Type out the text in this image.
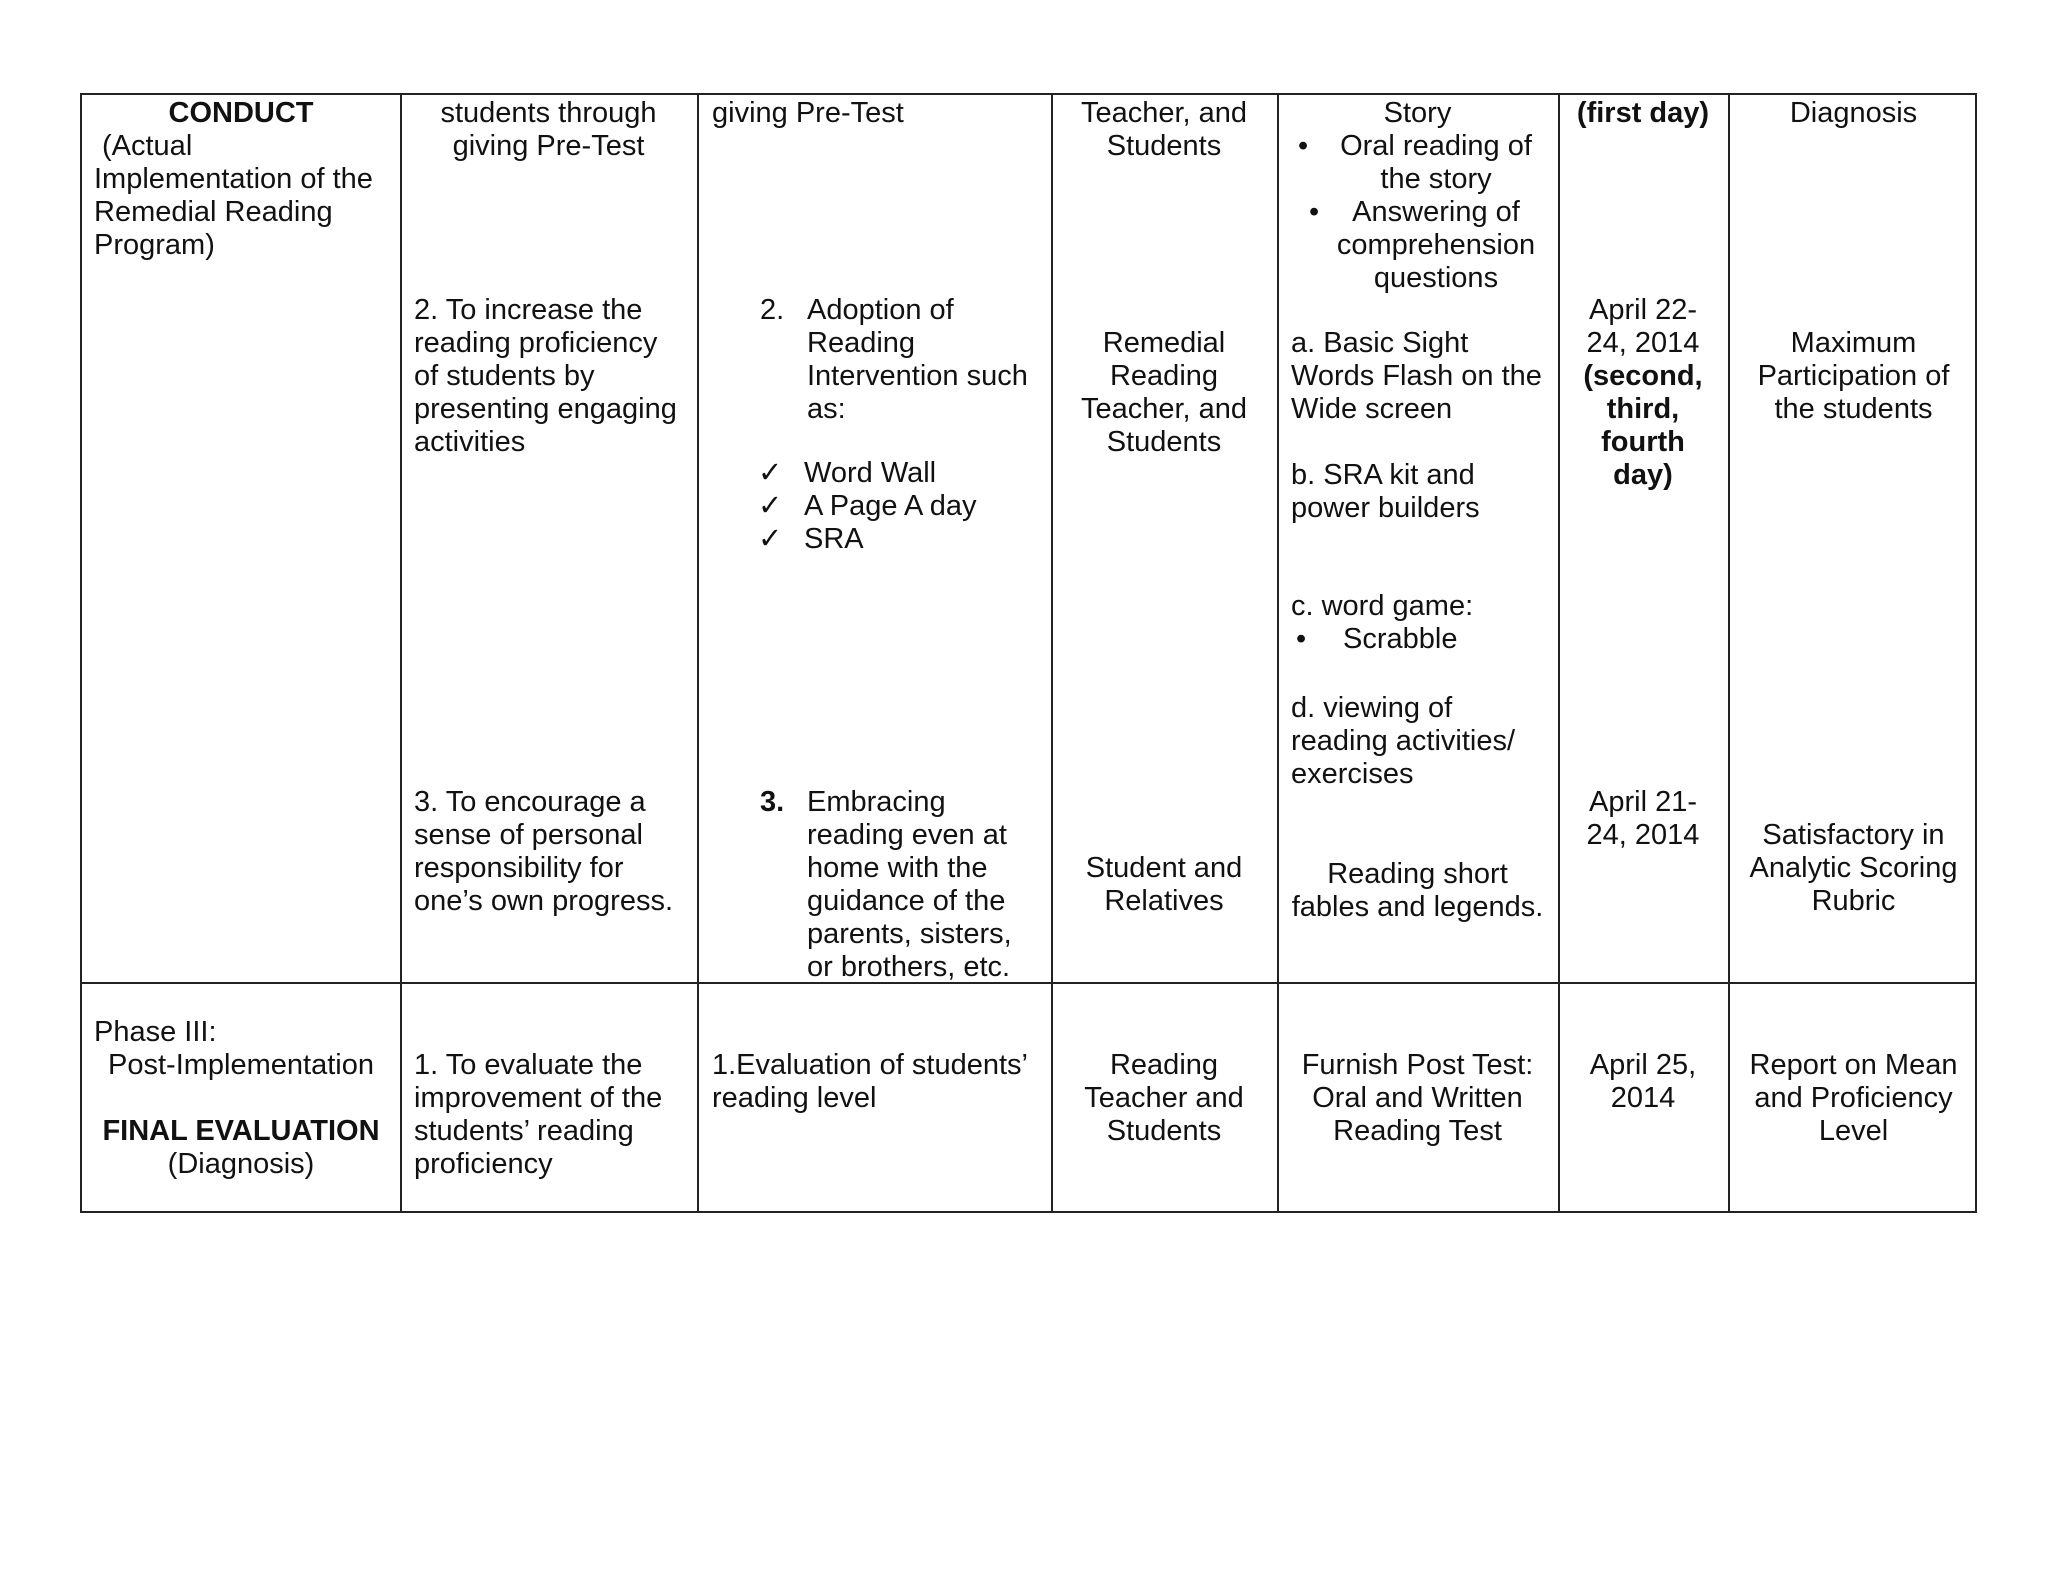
CONDUCT
(Actual
Implementation of the
Remedial Reading
Program)
students through
giving Pre-Test
2. To increase the
reading proficiency
of students by
presenting engaging
activities
3. To encourage a
sense of personal
responsibility for
one’s own progress.
giving Pre-Test
2. Adoption of
Reading
Intervention such
as:
✓ Word Wall
✓ A Page A day
✓ SRA
3. Embracing
reading even at
home with the
guidance of the
parents, sisters,
or brothers, etc.
Teacher, and
Students
Remedial
Reading
Teacher, and
Students
Student and
Relatives
Story
•	Oral reading of
the story
•	Answering of
comprehension
questions
a. Basic Sight
Words Flash on the
Wide screen
b. SRA kit and
power builders
c. word game:
• Scrabble
d. viewing of
reading activities/
exercises
Reading short
fables and legends.
(first day)
April 22-
24, 2014
(second,
third,
fourth
day)
April 21-
24, 2014
Diagnosis
Maximum
Participation of
the students
Satisfactory in
Analytic Scoring
Rubric
Phase III:
Post-Implementation

FINAL EVALUATION
(Diagnosis)
1. To evaluate the
improvement of the
students’ reading
proficiency
1.Evaluation of students’
reading level
Reading
Teacher and
Students
Furnish Post Test:
Oral and Written
Reading Test
April 25,
2014
Report on Mean
and Proficiency
Level
